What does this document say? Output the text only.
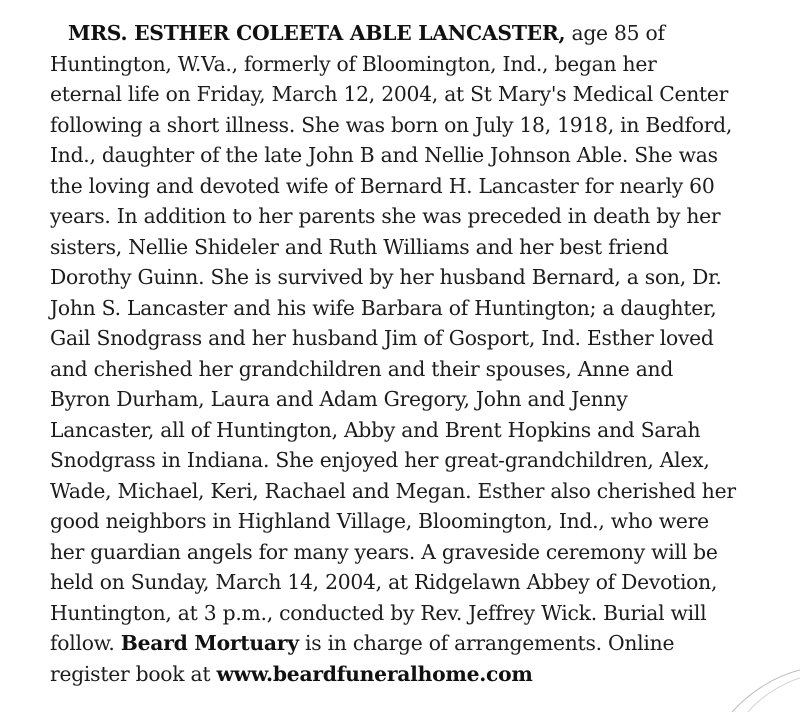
MRS. ESTHER COLEETA ABLE LANCASTER, age 85 of
Huntington, W.Va., formerly of Bloomington, Ind., began her
eternal life on Friday, March 12, 2004, at St Mary's Medical Center
following a short illness. She was born on July 18, 1918, in Bedford,
Ind., daughter of the late John B and Nellie Johnson Able. She was
the loving and devoted wife of Bernard H. Lancaster for nearly 60
years. In addition to her parents she was preceded in death by her
sisters, Nellie Shideler and Ruth Williams and her best friend
Dorothy Guinn. She is survived by her husband Bernard, a son, Dr.
John S. Lancaster and his wife Barbara of Huntington; a daughter,
Gail Snodgrass and her husband Jim of Gosport, Ind. Esther loved
and cherished her grandchildren and their spouses, Anne and
Byron Durham, Laura and Adam Gregory, John and Jenny
Lancaster, all of Huntington, Abby and Brent Hopkins and Sarah
Snodgrass in Indiana. She enjoyed her great-grandchildren, Alex,
Wade, Michael, Keri, Rachael and Megan. Esther also cherished her
good neighbors in Highland Village, Bloomington, Ind., who were
her guardian angels for many years. A graveside ceremony will be
held on Sunday, March 14, 2004, at Ridgelawn Abbey of Devotion,
Huntington, at 3 p.m., conducted by Rev. Jeffrey Wick. Burial will
follow. Beard Mortuary is in charge of arrangements. Online
register book at www.beardfuneralhome.com
